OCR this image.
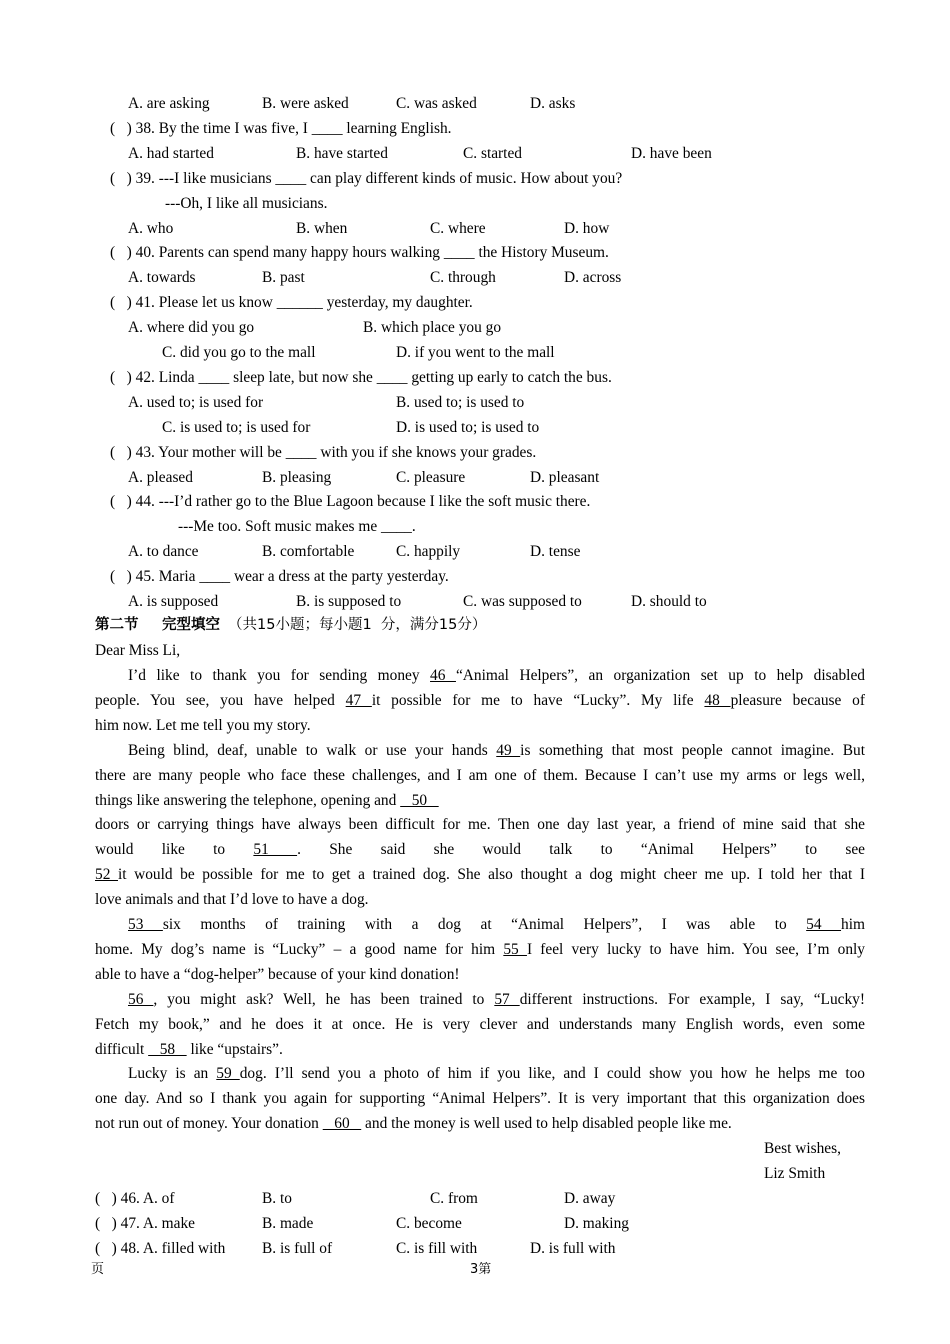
A. are asking	B. were asked	C. was asked	D. asks
(   ) 38. By the time I was five, I ____ learning English.
A. had started	B. have started	C. started	D. have been
(   ) 39. ---I like musicians ____ can play different kinds of music. How about you?
---Oh, I like all musicians.
A. who	B. when	C. where	D. how
(   ) 40. Parents can spend many happy hours walking ____ the History Museum.
A. towards	B. past	C. through	D. across
(   ) 41. Please let us know ______ yesterday, my daughter.
A. where did you go	B. which place you go
C. did you go to the mall	D. if you went to the mall
(   ) 42. Linda ____ sleep late, but now she ____ getting up early to catch the bus.
A. used to; is used for	B. used to; is used to
C. is used to; is used for	D. is used to; is used to
(   ) 43. Your mother will be ____ with you if she knows your grades.
A. pleased	B. pleasing	C. pleasure	D. pleasant
(   ) 44. ---I’d rather go to the Blue Lagoon because I like the soft music there.
---Me too. Soft music makes me ____.
A. to dance	B. comfortable	C. happily	D. tense
(   ) 45. Maria ____ wear a dress at the party yesterday.
A. is supposed	B. is supposed to	C. was supposed to	D. should to
第二节 完型填空 （共15小题；每小题1  分，满分15分）
Dear Miss Li,
I’d like to thank you for sending money 46 “Animal Helpers”, an organization set up to help disabled
people. You see, you have helped 47 it possible for me to have “Lucky”. My life 48 pleasure because of
him now. Let me tell you my story.
Being blind, deaf, unable to walk or use your hands 49 is something that most people cannot imagine. But
there are many people who face these challenges, and I am one of them. Because I can’t use my arms or legs well,
things like answering the telephone, opening and    50
doors or carrying things have always been difficult for me. Then one day last year, a friend of mine said that she
would like to 51 . She said she would talk to “Animal Helpers” to see
52 it would be possible for me to get a trained dog. She also thought a dog might cheer me up. I told her that I
love animals and that I’d love to have a dog.
53 six months of training with a dog at “Animal Helpers”, I was able to 54 him
home. My dog’s name is “Lucky” – a good name for him 55 I feel very lucky to have him. You see, I’m only
able to have a “dog-helper” because of your kind donation!
56 , you might ask? Well, he has been trained to 57 different instructions. For example, I say, “Lucky!
Fetch my book,” and he does it at once. He is very clever and understands many English words, even some
difficult    58    like “upstairs”.
Lucky is an 59 dog. I’ll send you a photo of him if you like, and I could show you how he helps me too
one day. And so I thank you again for supporting “Animal Helpers”. It is very important that this organization does
not run out of money. Your donation    60    and the money is well used to help disabled people like me.
Best wishes,
Liz Smith
(   ) 46. A. of	B. to	C. from	D. away
(   ) 47. A. make	B. made	C. become	D. making
(   ) 48. A. filled with B. is full of	C. is fill with	D. is full with
页	3第
